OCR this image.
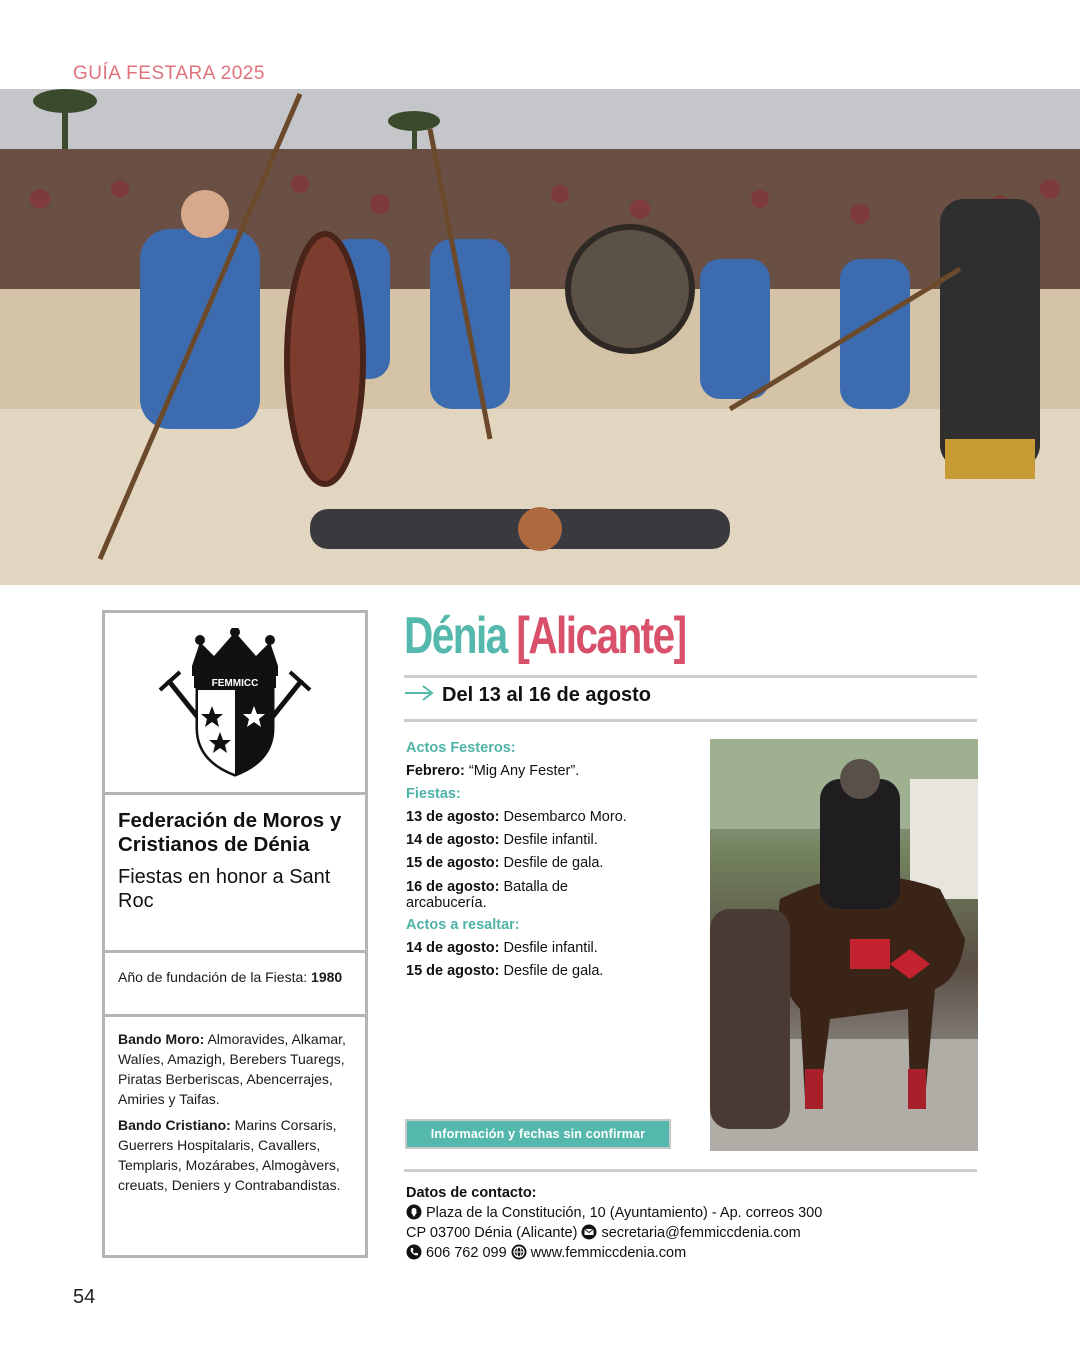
GUÍA FESTARA 2025
FEMMICC
Federación de Moros y Cristianos de Dénia
Fiestas en honor a Sant Roc
Año de fundación de la Fiesta: 1980

Bando Moro: Almoravides, Alkamar, Walíes, Amazigh, Berebers Tuaregs, Piratas Berberiscas, Abencerrajes, Amiries y Taifas.

Bando Cristiano: Marins Corsaris, Guerrers Hospitalaris, Cavallers, Templaris, Mozárabes, Almogàvers, creuats, Deniers y Contrabandistas.

Dénia [Alicante]
Del 13 al 16 de agosto
Actos Festeros:
Febrero: “Mig Any Fester”.
Fiestas:
13 de agosto: Desembarco Moro.
14 de agosto: Desfile infantil.
15 de agosto: Desfile de gala.
16 de agosto: Batalla de arcabucería.
Actos a resaltar:
14 de agosto: Desfile infantil.
15 de agosto: Desfile de gala.
Información y fechas sin confirmar
Datos de contacto:
Plaza de la Constitución, 10 (Ayuntamiento) - Ap. correos 300
CP 03700 Dénia (Alicante) secretaria@femmiccdenia.com
606 762 099 www.femmiccdenia.com
54
